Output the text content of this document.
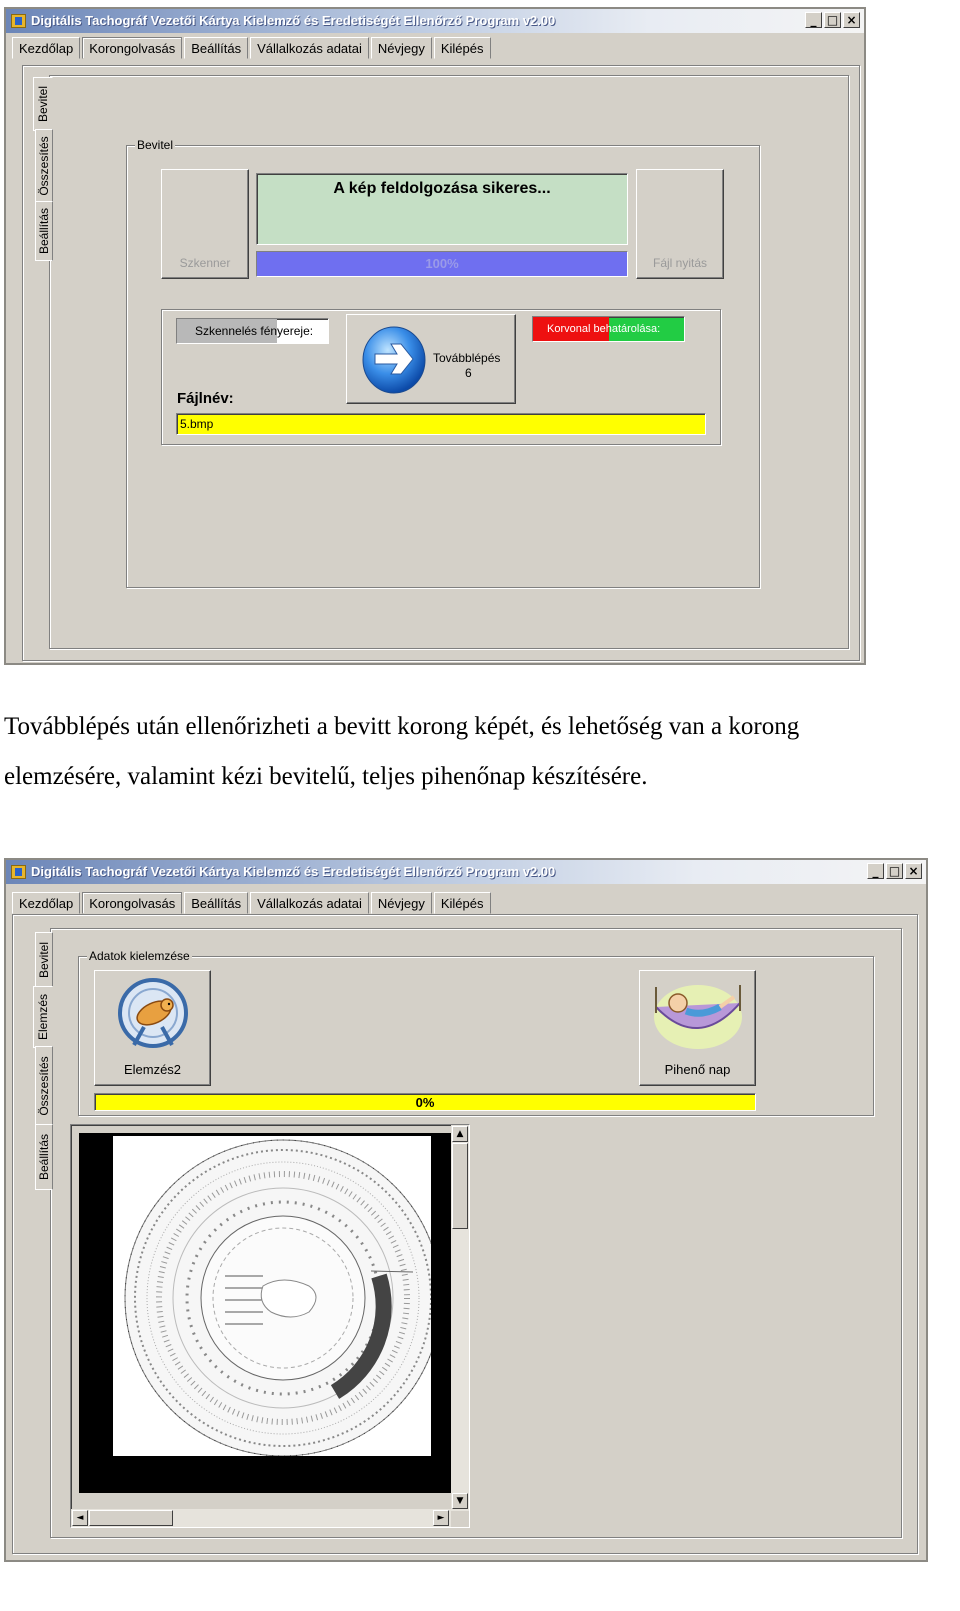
Digitális Tachográf Vezetői Kártya Kielemző és Eredetiségét Ellenőrző Program v2.00	_ □ ×
Kezdőlap	Korongolvasás	Beállítás	Vállalkozás adatai	Névjegy	Kilépés
Bevitel
Összesítés
Beállítás
Bevitel
Szkenner
A kép feldolgozása sikeres...
100%	Fájl nyitás
Szkennelés fényereje:
Továbblépés
6
Korvonal behatárolása:
Fájlnév:
5.bmp
Továbblépés után ellenőrizheti a bevitt korong képét, és lehetőség van a korong
elemzésére, valamint kézi bevitelű, teljes pihenőnap készítésére.
Digitális Tachográf Vezetői Kártya Kielemző és Eredetiségét Ellenőrző Program v2.00	_ □ ×
Kezdőlap	Korongolvasás	Beállítás	Vállalkozás adatai	Névjegy	Kilépés
Bevitel
Elemzés
Összesítés
Beállítás
Adatok kielemzése
Elemzés2	Pihenő nap
0%
▲
▼
◄	►
